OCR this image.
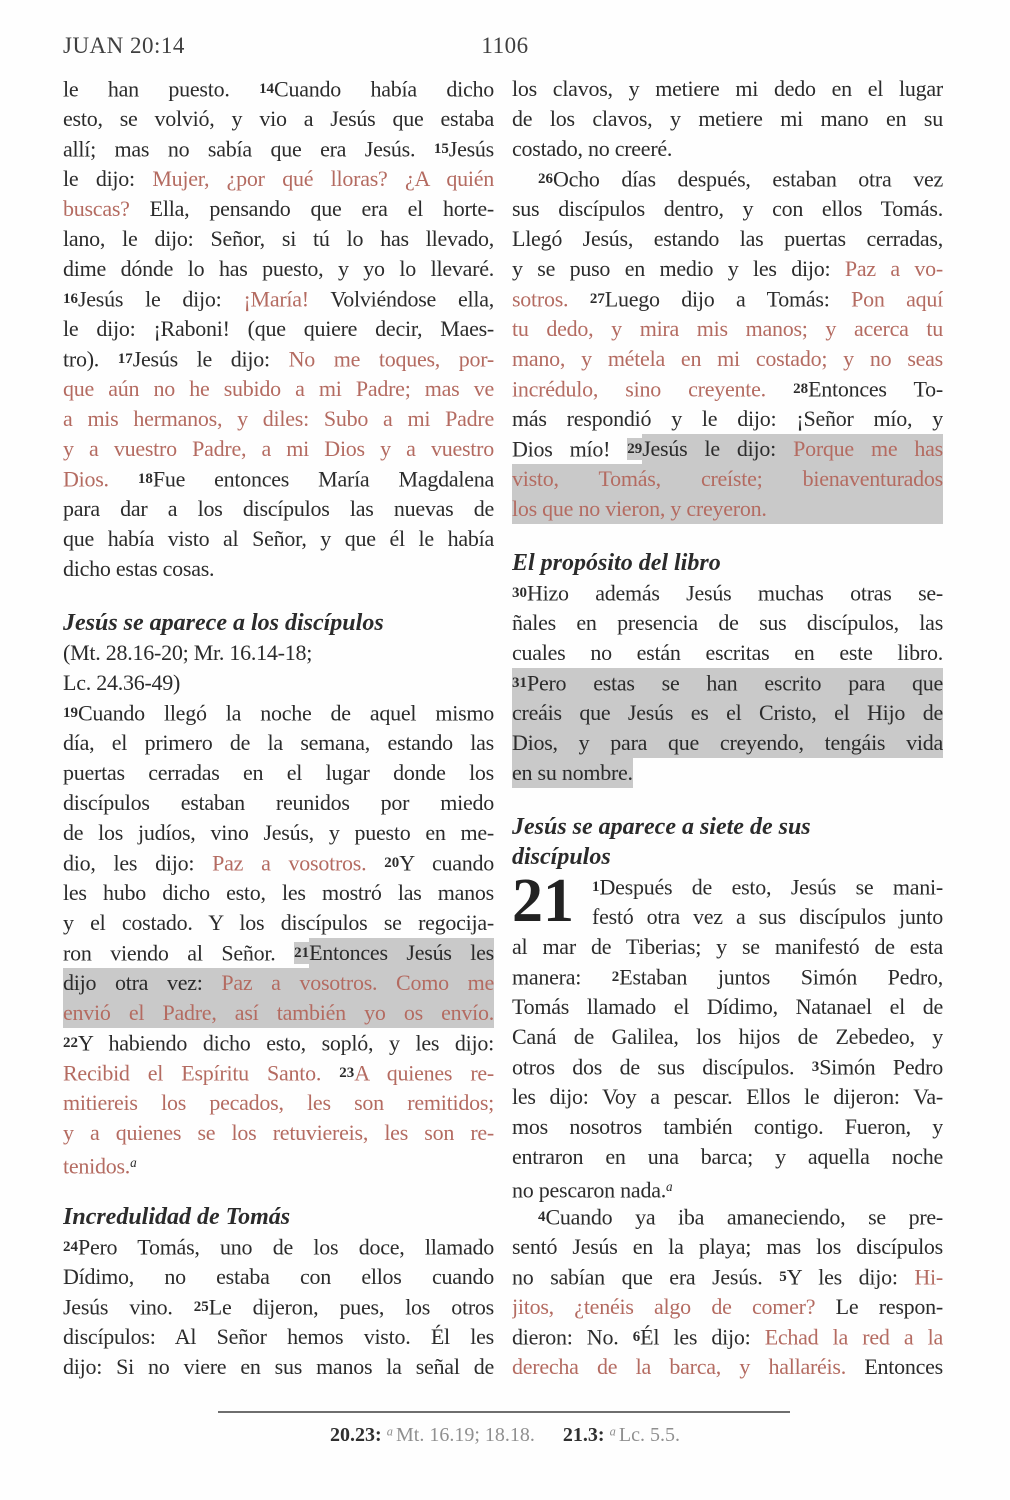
JUAN 20:14	1106
le han puesto. 14Cuando había dicho
esto, se volvió, y vio a Jesús que estaba
allí; mas no sabía que era Jesús. 15Jesús
le dijo: Mujer, ¿por qué lloras? ¿A quién
buscas? Ella, pensando que era el horte-
lano, le dijo: Señor, si tú lo has llevado,
dime dónde lo has puesto, y yo lo llevaré.
16Jesús le dijo: ¡María! Volviéndose ella,
le dijo: ¡Raboni! (que quiere decir, Maes-
tro). 17Jesús le dijo: No me toques, por-
que aún no he subido a mi Padre; mas ve
a mis hermanos, y diles: Subo a mi Padre
y a vuestro Padre, a mi Dios y a vuestro
Dios. 18Fue entonces María Magdalena
para dar a los discípulos las nuevas de
que había visto al Señor, y que él le había
dicho estas cosas.
Jesús se aparece a los discípulos
(Mt. 28.16-20; Mr. 16.14-18;
Lc. 24.36-49)
19Cuando llegó la noche de aquel mismo
día, el primero de la semana, estando las
puertas cerradas en el lugar donde los
discípulos estaban reunidos por miedo
de los judíos, vino Jesús, y puesto en me-
dio, les dijo: Paz a vosotros. 20Y cuando
les hubo dicho esto, les mostró las manos
y el costado. Y los discípulos se regocija-
ron viendo al Señor. 21Entonces Jesús les
dijo otra vez: Paz a vosotros. Como me
envió el Padre, así también yo os envío.
22Y habiendo dicho esto, sopló, y les dijo:
Recibid el Espíritu Santo. 23A quienes re-
mitiereis los pecados, les son remitidos;
y a quienes se los retuviereis, les son re-
tenidos.$^a$
Incredulidad de Tomás
24Pero Tomás, uno de los doce, llamado
Dídimo, no estaba con ellos cuando
Jesús vino. 25Le dijeron, pues, los otros
discípulos: Al Señor hemos visto. Él les
dijo: Si no viere en sus manos la señal de
los clavos, y metiere mi dedo en el lugar
de los clavos, y metiere mi mano en su
costado, no creeré.
26Ocho días después, estaban otra vez
sus discípulos dentro, y con ellos Tomás.
Llegó Jesús, estando las puertas cerradas,
y se puso en medio y les dijo: Paz a vo-
sotros. 27Luego dijo a Tomás: Pon aquí
tu dedo, y mira mis manos; y acerca tu
mano, y métela en mi costado; y no seas
incrédulo, sino creyente. 28Entonces To-
más respondió y le dijo: ¡Señor mío, y
Dios mío! 29Jesús le dijo: Porque me has
visto, Tomás, creíste; bienaventurados
los que no vieron, y creyeron.
El propósito del libro
30Hizo además Jesús muchas otras se-
ñales en presencia de sus discípulos, las
cuales no están escritas en este libro.
31Pero estas se han escrito para que
creáis que Jesús es el Cristo, el Hijo de
Dios, y para que creyendo, tengáis vida
en su nombre.
Jesús se aparece a siete de sus
discípulos
21	1Después de esto, Jesús se mani-
festó otra vez a sus discípulos junto
al mar de Tiberias; y se manifestó de esta
manera: 2Estaban juntos Simón Pedro,
Tomás llamado el Dídimo, Natanael el de
Caná de Galilea, los hijos de Zebedeo, y
otros dos de sus discípulos. 3Simón Pedro
les dijo: Voy a pescar. Ellos le dijeron: Va-
mos nosotros también contigo. Fueron, y
entraron en una barca; y aquella noche
no pescaron nada.$^a$
4Cuando ya iba amaneciendo, se pre-
sentó Jesús en la playa; mas los discípulos
no sabían que era Jesús. 5Y les dijo: Hi-
jitos, ¿tenéis algo de comer? Le respon-
dieron: No. 6Él les dijo: Echad la red a la
derecha de la barca, y hallaréis. Entonces
20.23: $^a$ Mt. 16.19; 18.18. 21.3: $^a$ Lc. 5.5.
